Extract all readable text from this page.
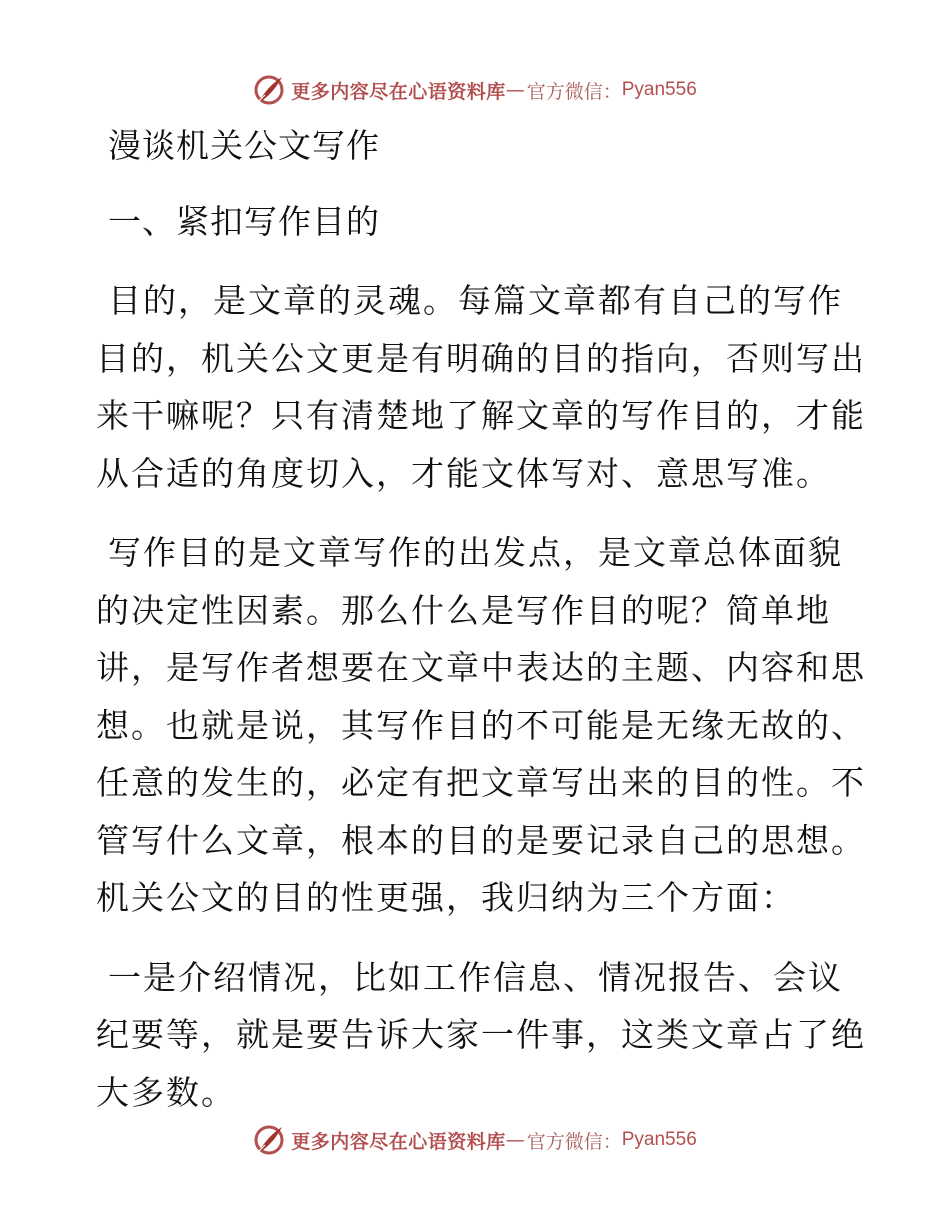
更多内容尽在心语资料库 — 官方微信： Pyan556
漫谈机关公文写作
一、紧扣写作目的
目的，是文章的灵魂。每篇文章都有自己的写作
目的，机关公文更是有明确的目的指向，否则写出
来干嘛呢？只有清楚地了解文章的写作目的，才能
从合适的角度切入，才能文体写对、意思写准。
写作目的是文章写作的出发点，是文章总体面貌
的决定性因素。那么什么是写作目的呢？简单地
讲，是写作者想要在文章中表达的主题、内容和思
想。也就是说，其写作目的不可能是无缘无故的、
任意的发生的，必定有把文章写出来的目的性。不
管写什么文章，根本的目的是要记录自己的思想。
机关公文的目的性更强，我归纳为三个方面：
一是介绍情况，比如工作信息、情况报告、会议
纪要等，就是要告诉大家一件事，这类文章占了绝
大多数。
更多内容尽在心语资料库 — 官方微信： Pyan556
